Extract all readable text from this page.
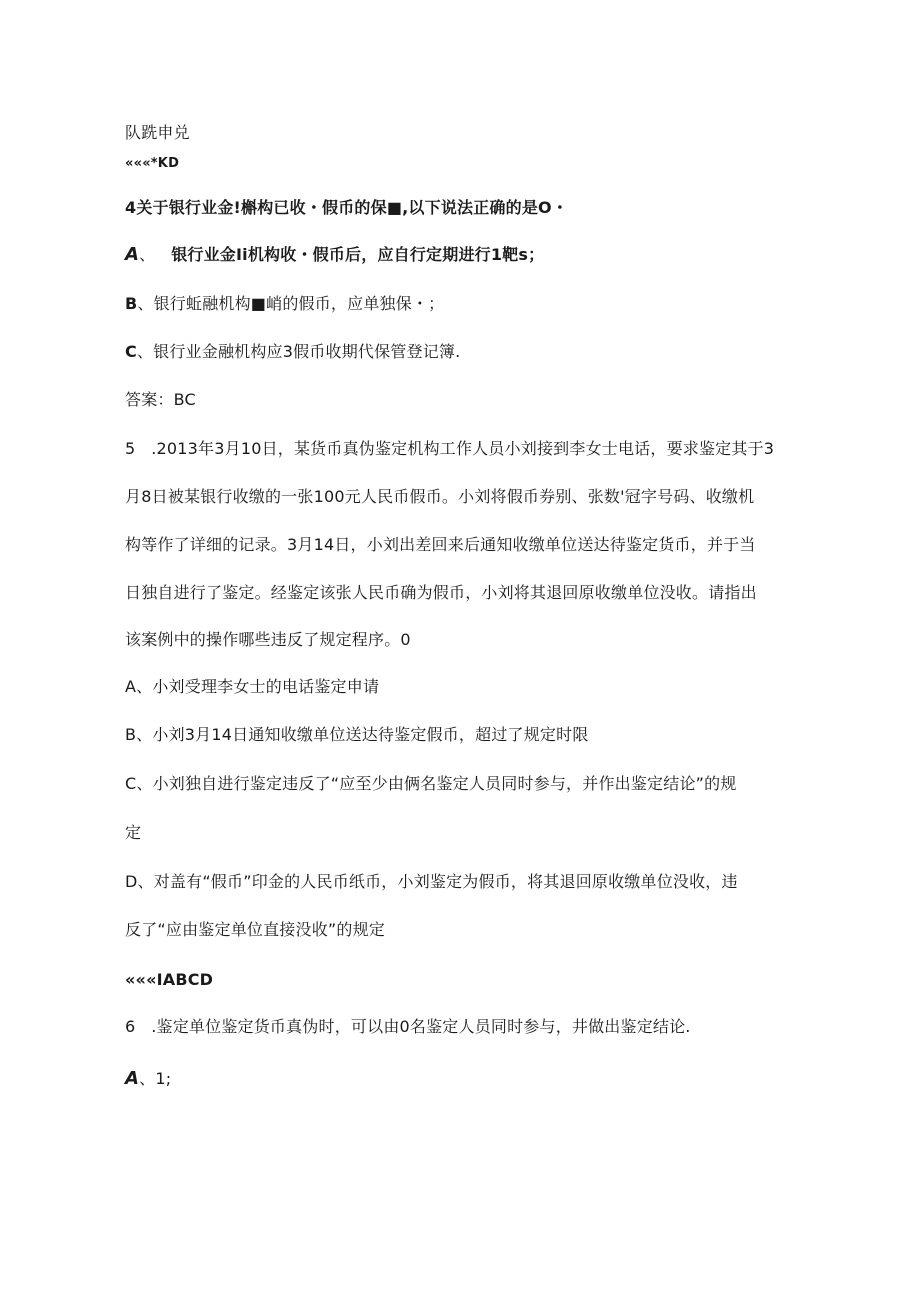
队跣申兑
«««*KD
4关于银行业金!槲构已收・假币的保■,以下说法正确的是O・
A、 银行业金Ii机构收・假币后，应自行定期进行1靶s；
B、银行蚯融机构■峭的假币，应单独保・；
C、银行业金融机构应3假币收期代保管登记簿.
答案：BC
5   .2013年3月10日，某货币真伪鉴定机构工作人员小刘接到李女士电话，要求鉴定其于3
月8日被某银行收缴的一张100元人民币假币。小刘将假币券别、张数'冠字号码、收缴机
构等作了详细的记录。3月14日，小刘出差回来后通知收缴单位送达待鉴定货币，并于当
日独自进行了鉴定。经鉴定该张人民币确为假币，小刘将其退回原收缴单位没收。请指出
该案例中的操作哪些违反了规定程序。0
A、小刘受理李女士的电话鉴定申请
B、小刘3月14日通知收缴单位送达待鉴定假币，超过了规定时限
C、小刘独自进行鉴定违反了“应至少由俩名鉴定人员同时参与，并作出鉴定结论”的规
定
D、对盖有“假币”印金的人民币纸币，小刘鉴定为假币，将其退回原收缴单位没收，违
反了“应由鉴定单位直接没收”的规定
«««IABCD
6   .鉴定单位鉴定货币真伪时，可以由0名鉴定人员同时参与，井做出鉴定结论.
A、1;
